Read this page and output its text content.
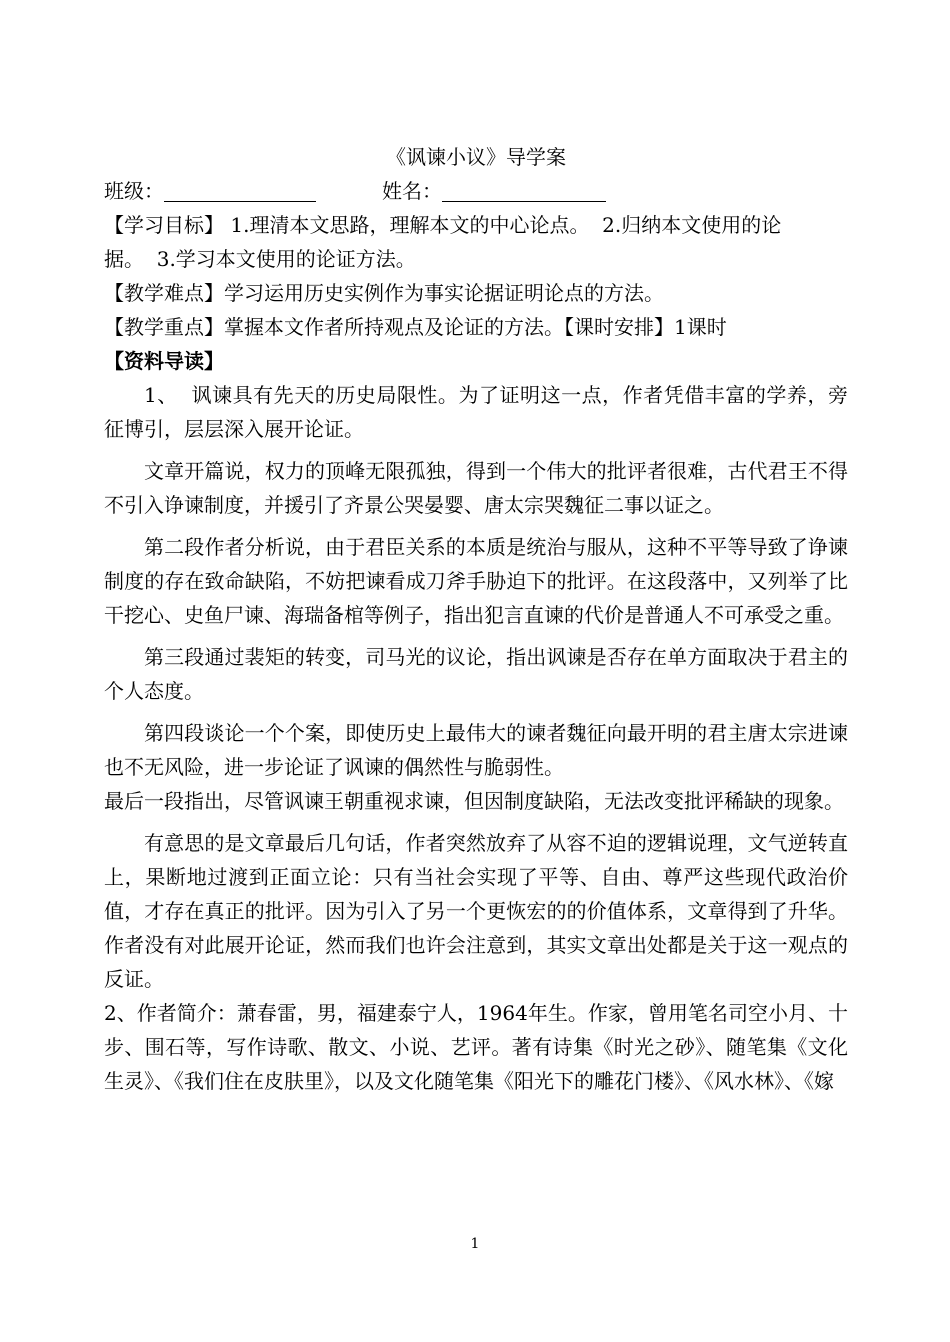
《讽谏小议》导学案
班级：	姓名：
【学习目标】 1.理清本文思路，理解本文的中心论点。  2.归纳本文使用的论
据。  3.学习本文使用的论证方法。
【教学难点】学习运用历史实例作为事实论据证明论点的方法。
【教学重点】掌握本文作者所持观点及论证的方法。【课时安排】1课时
【资料导读】
1、  讽谏具有先天的历史局限性。为了证明这一点，作者凭借丰富的学养，旁征博引，层层深入展开论证。
文章开篇说，权力的顶峰无限孤独，得到一个伟大的批评者很难，古代君王不得不引入诤谏制度，并援引了齐景公哭晏婴、唐太宗哭魏征二事以证之。
第二段作者分析说，由于君臣关系的本质是统治与服从，这种不平等导致了诤谏制度的存在致命缺陷，不妨把谏看成刀斧手胁迫下的批评。在这段落中，又列举了比干挖心、史鱼尸谏、海瑞备棺等例子，指出犯言直谏的代价是普通人不可承受之重。
第三段通过裴矩的转变，司马光的议论，指出讽谏是否存在单方面取决于君主的个人态度。
第四段谈论一个个案，即使历史上最伟大的谏者魏征向最开明的君主唐太宗进谏也不无风险，进一步论证了讽谏的偶然性与脆弱性。
最后一段指出，尽管讽谏王朝重视求谏，但因制度缺陷，无法改变批评稀缺的现象。
有意思的是文章最后几句话，作者突然放弃了从容不迫的逻辑说理，文气逆转直上，果断地过渡到正面立论：只有当社会实现了平等、自由、尊严这些现代政治价值，才存在真正的批评。因为引入了另一个更恢宏的的价值体系，文章得到了升华。作者没有对此展开论证，然而我们也许会注意到，其实文章出处都是关于这一观点的反证。
2、作者简介：萧春雷，男，福建泰宁人，1964年生。作家，曾用笔名司空小月、十步、围石等，写作诗歌、散文、小说、艺评。著有诗集《时光之砂》、随笔集《文化生灵》、《我们住在皮肤里》，以及文化随笔集《阳光下的雕花门楼》、《风水林》、《嫁
1
